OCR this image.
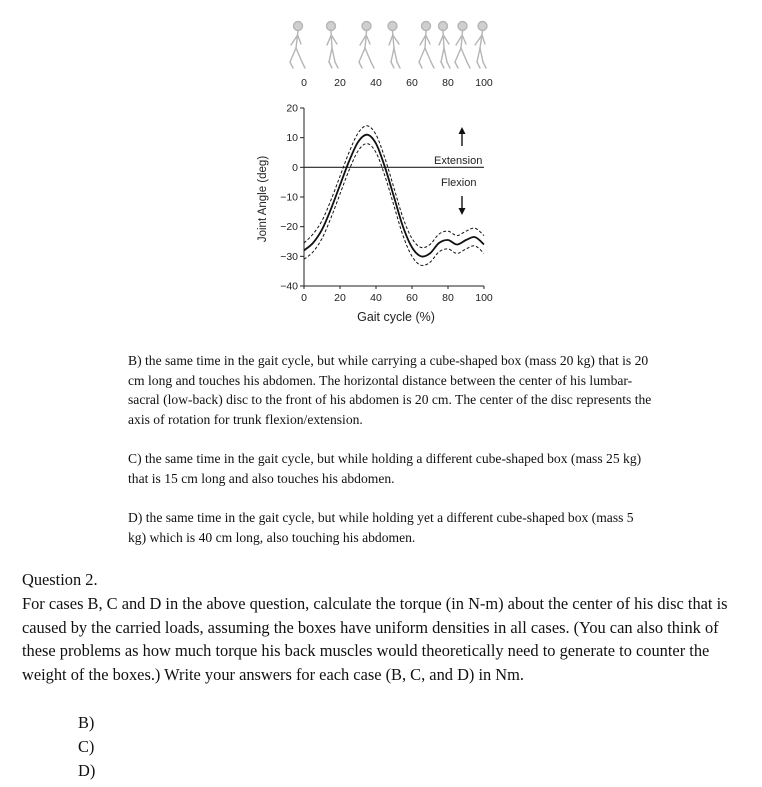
0	20 40 60 80 100
20
10
0
−10
−20
−30
−40
0	20 40 60 80 100
Extension
Flexion
Gait cycle (%)
Joint Angle (deg)

B) the same time in the gait cycle, but while carrying a cube-shaped box (mass 20 kg) that is 20 cm long and touches his abdomen. The horizontal distance between the center of his lumbar-sacral (low-back) disc to the front of his abdomen is 20 cm. The center of the disc represents the axis of rotation for trunk flexion/extension.

C) the same time in the gait cycle, but while holding a different cube-shaped box (mass 25 kg) that is 15 cm long and also touches his abdomen.

D) the same time in the gait cycle, but while holding yet a different cube-shaped box (mass 5 kg) which is 40 cm long, also touching his abdomen.

Question 2.

For cases B, C and D in the above question, calculate the torque (in N-m) about the center of his disc that is caused by the carried loads, assuming the boxes have uniform densities in all cases. (You can also think of these problems as how much torque his back muscles would theoretically need to generate to counter the weight of the boxes.) Write your answers for each case (B, C, and D) in Nm.

B)
C)
D)
